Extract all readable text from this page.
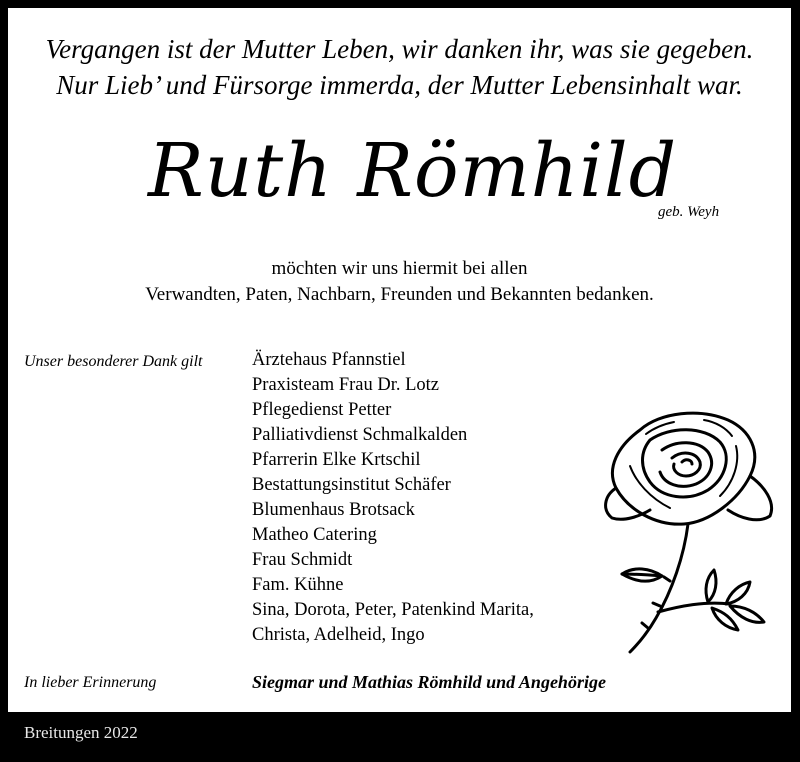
Vergangen ist der Mutter Leben, wir danken ihr, was sie gegeben.
Nur Lieb’ und Fürsorge immerda, der Mutter Lebensinhalt war.
Ruth Römhild
geb. Weyh
möchten wir uns hiermit bei allen
Verwandten, Paten, Nachbarn, Freunden und Bekannten bedanken.
Unser besonderer Dank gilt	Ärztehaus Pfannstiel
Praxisteam Frau Dr. Lotz
Pflegedienst Petter
Palliativdienst Schmalkalden
Pfarrerin Elke Krtschil
Bestattungsinstitut Schäfer
Blumenhaus Brotsack
Matheo Catering
Frau Schmidt
Fam. Kühne
Sina, Dorota, Peter, Patenkind Marita,
Christa, Adelheid, Ingo
In lieber Erinnerung	Siegmar und Mathias Römhild und Angehörige
Breitungen 2022
